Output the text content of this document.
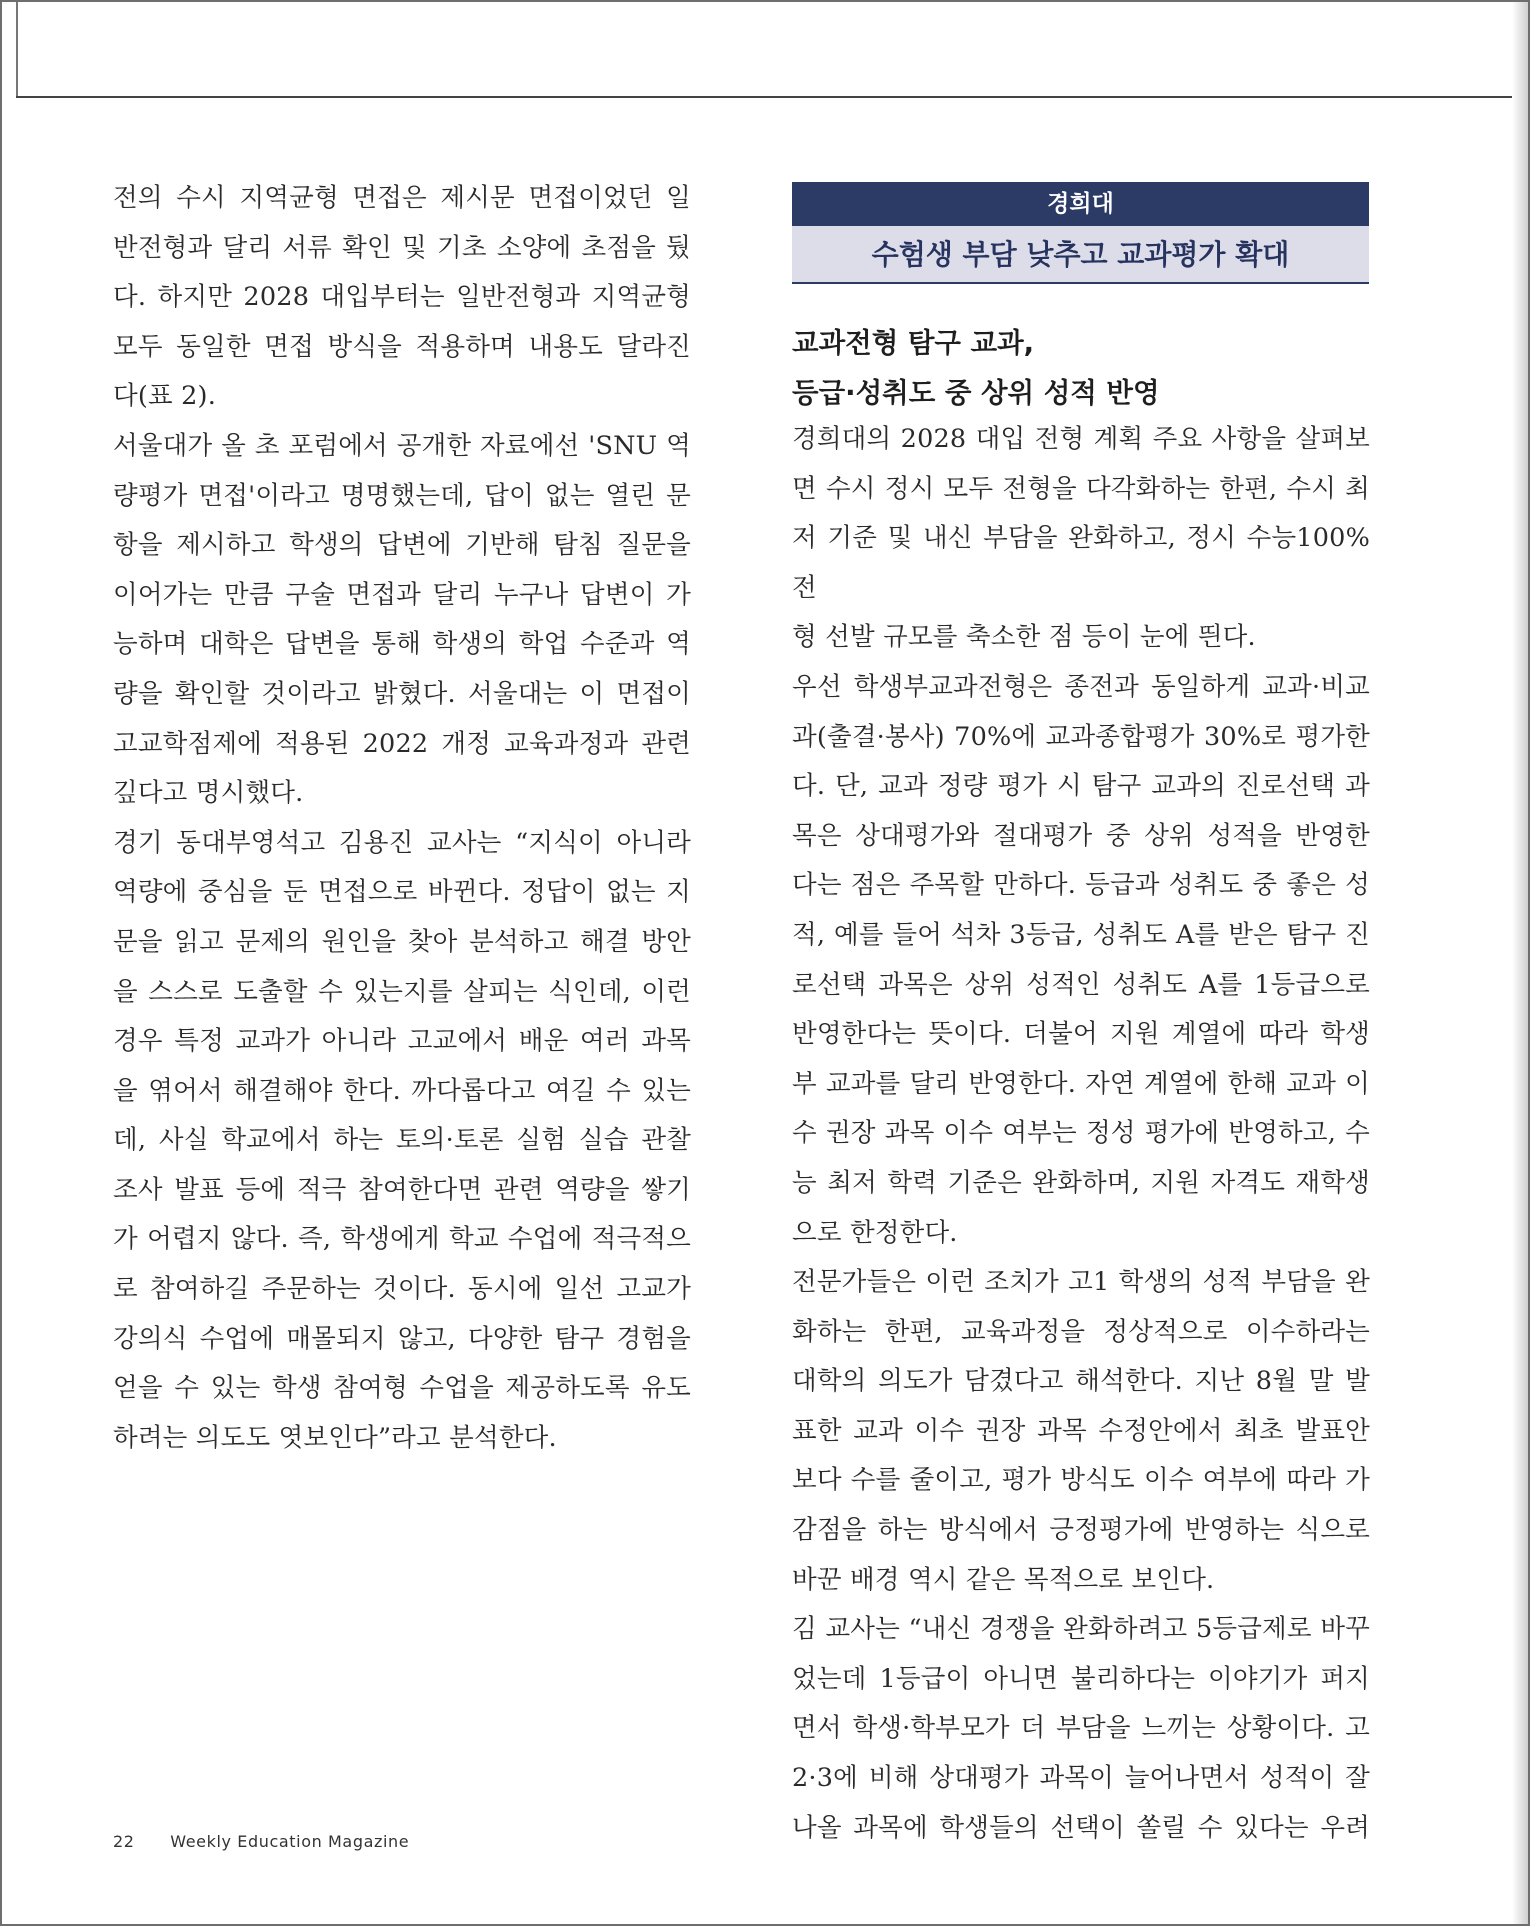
전의 수시 지역균형 면접은 제시문 면접이었던 일
반전형과 달리 서류 확인 및 기초 소양에 초점을 뒀
다. 하지만 2028 대입부터는 일반전형과 지역균형
모두 동일한 면접 방식을 적용하며 내용도 달라진
다(표 2).
서울대가 올 초 포럼에서 공개한 자료에선 'SNU 역
량평가 면접'이라고 명명했는데, 답이 없는 열린 문
항을 제시하고 학생의 답변에 기반해 탐침 질문을
이어가는 만큼 구술 면접과 달리 누구나 답변이 가
능하며 대학은 답변을 통해 학생의 학업 수준과 역
량을 확인할 것이라고 밝혔다. 서울대는 이 면접이
고교학점제에 적용된 2022 개정 교육과정과 관련
깊다고 명시했다.
경기 동대부영석고 김용진 교사는 “지식이 아니라
역량에 중심을 둔 면접으로 바뀐다. 정답이 없는 지
문을 읽고 문제의 원인을 찾아 분석하고 해결 방안
을 스스로 도출할 수 있는지를 살피는 식인데, 이런
경우 특정 교과가 아니라 고교에서 배운 여러 과목
을 엮어서 해결해야 한다. 까다롭다고 여길 수 있는
데, 사실 학교에서 하는 토의·토론 실험 실습 관찰
조사 발표 등에 적극 참여한다면 관련 역량을 쌓기
가 어렵지 않다. 즉, 학생에게 학교 수업에 적극적으
로 참여하길 주문하는 것이다. 동시에 일선 고교가
강의식 수업에 매몰되지 않고, 다양한 탐구 경험을
얻을 수 있는 학생 참여형 수업을 제공하도록 유도
하려는 의도도 엿보인다”라고 분석한다.
경희대
수험생 부담 낮추고 교과평가 확대
교과전형 탐구 교과,
등급·성취도 중 상위 성적 반영
경희대의 2028 대입 전형 계획 주요 사항을 살펴보
면 수시 정시 모두 전형을 다각화하는 한편, 수시 최
저 기준 및 내신 부담을 완화하고, 정시 수능100%전
형 선발 규모를 축소한 점 등이 눈에 띈다.
우선 학생부교과전형은 종전과 동일하게 교과·비교
과(출결·봉사) 70%에 교과종합평가 30%로 평가한
다. 단, 교과 정량 평가 시 탐구 교과의 진로선택 과
목은 상대평가와 절대평가 중 상위 성적을 반영한
다는 점은 주목할 만하다. 등급과 성취도 중 좋은 성
적, 예를 들어 석차 3등급, 성취도 A를 받은 탐구 진
로선택 과목은 상위 성적인 성취도 A를 1등급으로
반영한다는 뜻이다. 더불어 지원 계열에 따라 학생
부 교과를 달리 반영한다. 자연 계열에 한해 교과 이
수 권장 과목 이수 여부는 정성 평가에 반영하고, 수
능 최저 학력 기준은 완화하며, 지원 자격도 재학생
으로 한정한다.
전문가들은 이런 조치가 고1 학생의 성적 부담을 완
화하는 한편, 교육과정을 정상적으로 이수하라는
대학의 의도가 담겼다고 해석한다. 지난 8월 말 발
표한 교과 이수 권장 과목 수정안에서 최초 발표안
보다 수를 줄이고, 평가 방식도 이수 여부에 따라 가
감점을 하는 방식에서 긍정평가에 반영하는 식으로
바꾼 배경 역시 같은 목적으로 보인다.
김 교사는 “내신 경쟁을 완화하려고 5등급제로 바꾸
었는데 1등급이 아니면 불리하다는 이야기가 퍼지
면서 학생·학부모가 더 부담을 느끼는 상황이다. 고
2·3에 비해 상대평가 과목이 늘어나면서 성적이 잘
나올 과목에 학생들의 선택이 쏠릴 수 있다는 우려
22 Weekly Education Magazine
